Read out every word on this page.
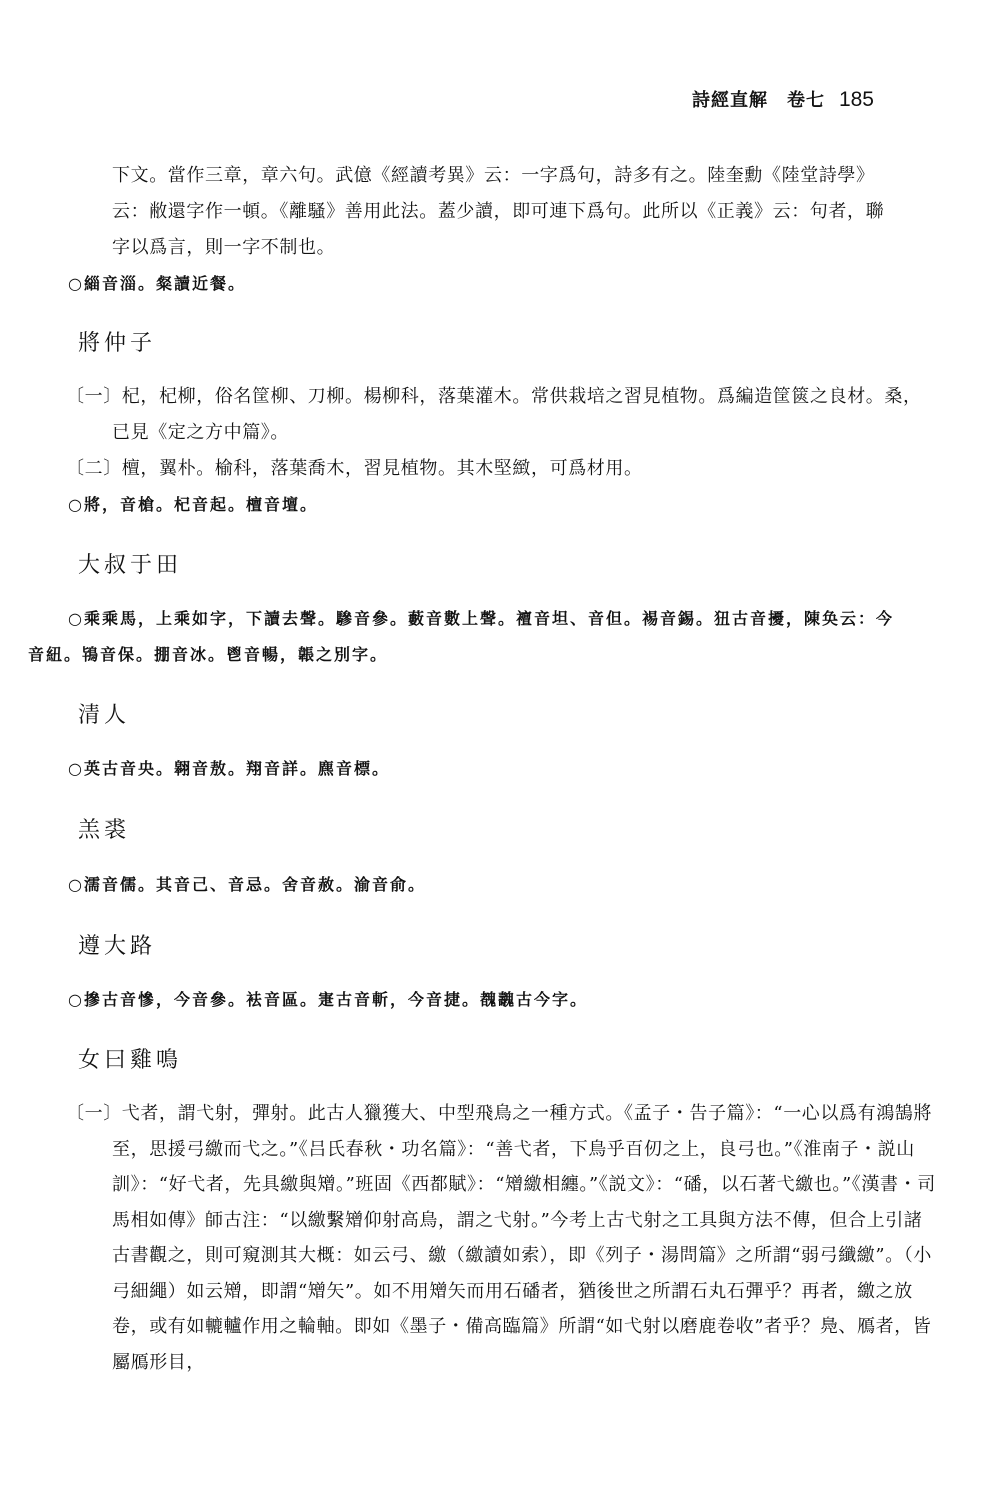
詩經直解　卷七 185
下文。當作三章，章六句。武億《經讀考異》云：一字爲句，詩多有之。陸奎勳《陸堂詩學》云：敝還字作一頓。《離騷》善用此法。蓋少讀，即可連下爲句。此所以《正義》云：句者，聯字以爲言，則一字不制也。
○緇音淄。粲讀近餐。
將仲子
〔一〕杞，杞柳，俗名筐柳、刀柳。楊柳科，落葉灌木。常供栽培之習見植物。爲編造筐篋之良材。桑，已見《定之方中篇》。
〔二〕檀，翼朴。榆科，落葉喬木，習見植物。其木堅緻，可爲材用。
○將，音槍。杞音起。檀音壇。
大叔于田
○乘乘馬，上乘如字，下讀去聲。驂音參。藪音數上聲。襢音坦、音但。裼音錫。狃古音擾，陳奂云：今音紐。鴇音保。掤音冰。鬯音暢，韔之別字。
清人
○英古音央。翱音敖。翔音詳。麃音標。
羔裘
○濡音儒。其音己、音忌。舍音赦。渝音俞。
遵大路
○摻古音慘，今音參。袪音區。寁古音斬，今音捷。䰩魗古今字。
女曰雞鳴
〔一〕弋者，謂弋射，彈射。此古人獵獲大、中型飛鳥之一種方式。《孟子・告子篇》：“一心以爲有鴻鵠將至，思援弓繳而弋之。”《吕氏春秋・功名篇》：“善弋者，下鳥乎百仞之上，良弓也。”《淮南子・説山訓》：“好弋者，先具繳與矰。”班固《西都賦》：“矰繳相纏。”《説文》：“磻，以石著弋繳也。”《漢書・司馬相如傳》師古注：“以繳繫矰仰射高鳥，謂之弋射。”今考上古弋射之工具與方法不傳，但合上引諸古書觀之，則可窺測其大概：如云弓、繳（繳讀如索），即《列子・湯問篇》之所謂“弱弓纖繳”。（小弓細繩）如云矰，即謂“矰矢”。如不用矰矢而用石磻者，猶後世之所謂石丸石彈乎？再者，繳之放卷，或有如轆轤作用之輪軸。即如《墨子・備高臨篇》所謂“如弋射以磨鹿卷收”者乎？鳧、鴈者，皆屬鴈形目，
